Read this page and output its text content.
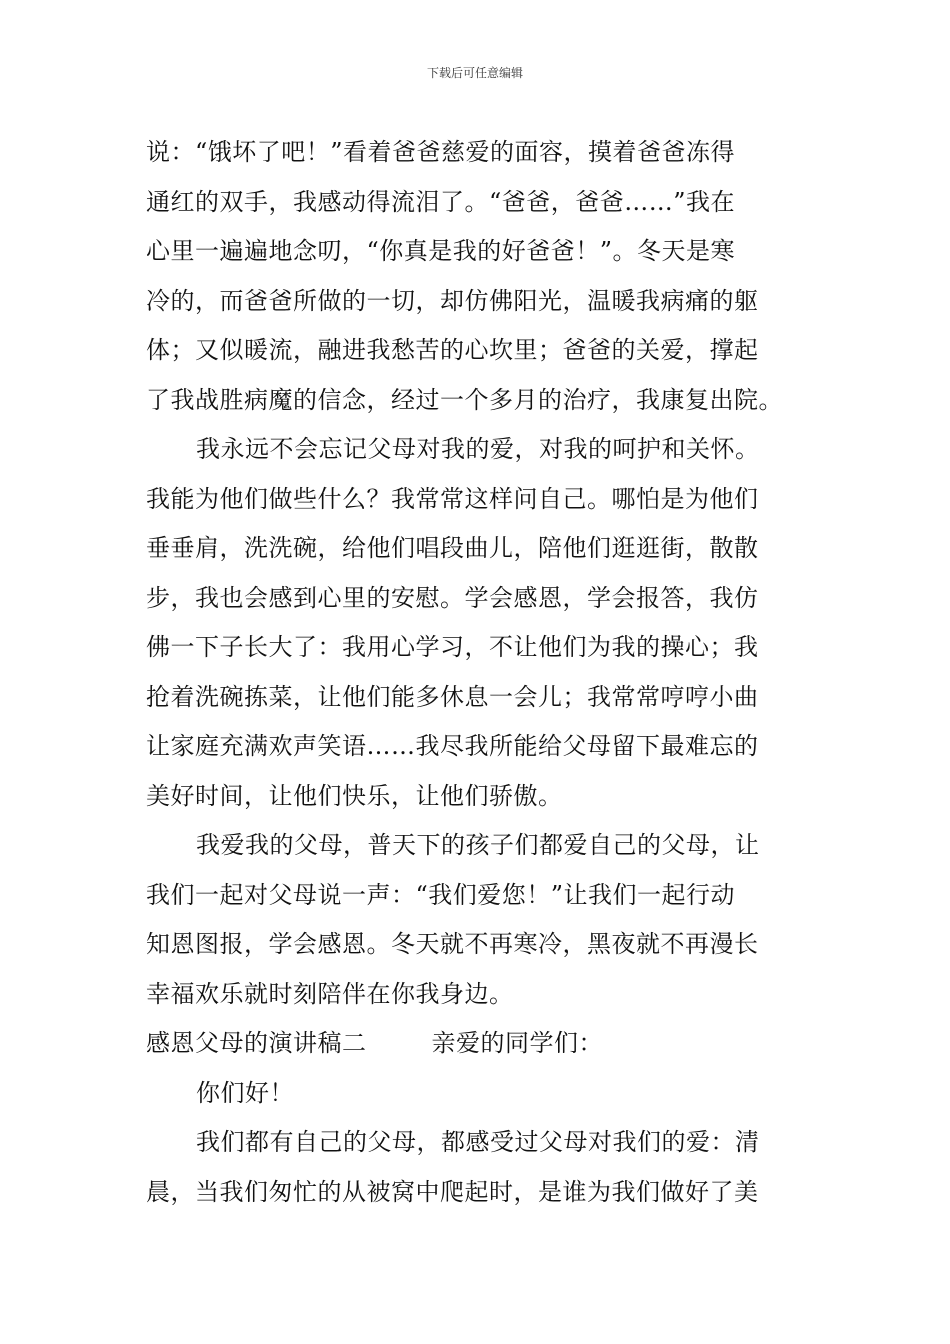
下载后可任意编辑
说：“饿坏了吧！”看着爸爸慈爱的面容，摸着爸爸冻得
通红的双手，我感动得流泪了。“爸爸，爸爸……”我在
心里一遍遍地念叨，“你真是我的好爸爸！”。冬天是寒
冷的，而爸爸所做的一切，却仿佛阳光，温暖我病痛的躯
体；又似暖流，融进我愁苦的心坎里；爸爸的关爱，撑起
了我战胜病魔的信念，经过一个多月的治疗，我康复出院。
我永远不会忘记父母对我的爱，对我的呵护和关怀。
我能为他们做些什么？我常常这样问自己。哪怕是为他们
垂垂肩，洗洗碗，给他们唱段曲儿，陪他们逛逛街，散散
步，我也会感到心里的安慰。学会感恩，学会报答，我仿
佛一下子长大了：我用心学习，不让他们为我的操心；我
抢着洗碗拣菜，让他们能多休息一会儿；我常常哼哼小曲
让家庭充满欢声笑语……我尽我所能给父母留下最难忘的
美好时间，让他们快乐，让他们骄傲。
我爱我的父母，普天下的孩子们都爱自己的父母，让
我们一起对父母说一声：“我们爱您！”让我们一起行动
知恩图报，学会感恩。冬天就不再寒冷，黑夜就不再漫长
幸福欢乐就时刻陪伴在你我身边。
感恩父母的演讲稿二        亲爱的同学们：
你们好！
我们都有自己的父母，都感受过父母对我们的爱：清
晨，当我们匆忙的从被窝中爬起时，是谁为我们做好了美
